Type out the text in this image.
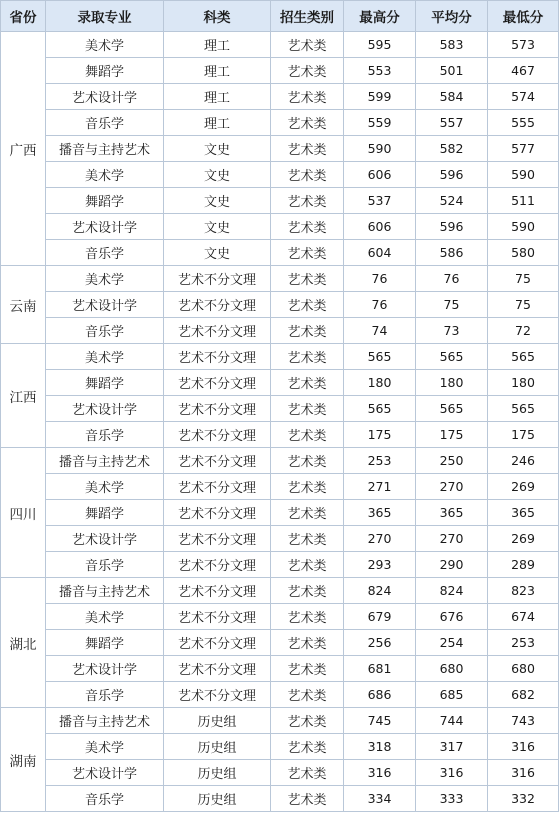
省份	录取专业	科类	招生类别	最高分	平均分	最低分
广西	美术学	理工	艺术类	595	583	573
	舞蹈学	理工	艺术类	553	501	467
	艺术设计学	理工	艺术类	599	584	574
	音乐学	理工	艺术类	559	557	555
	播音与主持艺术	文史	艺术类	590	582	577
	美术学	文史	艺术类	606	596	590
	舞蹈学	文史	艺术类	537	524	511
	艺术设计学	文史	艺术类	606	596	590
	音乐学	文史	艺术类	604	586	580
云南	美术学	艺术不分文理	艺术类	76	76	75
	艺术设计学	艺术不分文理	艺术类	76	75	75
	音乐学	艺术不分文理	艺术类	74	73	72
江西	美术学	艺术不分文理	艺术类	565	565	565
	舞蹈学	艺术不分文理	艺术类	180	180	180
	艺术设计学	艺术不分文理	艺术类	565	565	565
	音乐学	艺术不分文理	艺术类	175	175	175
四川	播音与主持艺术	艺术不分文理	艺术类	253	250	246
	美术学	艺术不分文理	艺术类	271	270	269
	舞蹈学	艺术不分文理	艺术类	365	365	365
	艺术设计学	艺术不分文理	艺术类	270	270	269
	音乐学	艺术不分文理	艺术类	293	290	289
湖北	播音与主持艺术	艺术不分文理	艺术类	824	824	823
	美术学	艺术不分文理	艺术类	679	676	674
	舞蹈学	艺术不分文理	艺术类	256	254	253
	艺术设计学	艺术不分文理	艺术类	681	680	680
	音乐学	艺术不分文理	艺术类	686	685	682
湖南	播音与主持艺术	历史组	艺术类	745	744	743
	美术学	历史组	艺术类	318	317	316
	艺术设计学	历史组	艺术类	316	316	316
	音乐学	历史组	艺术类	334	333	332
